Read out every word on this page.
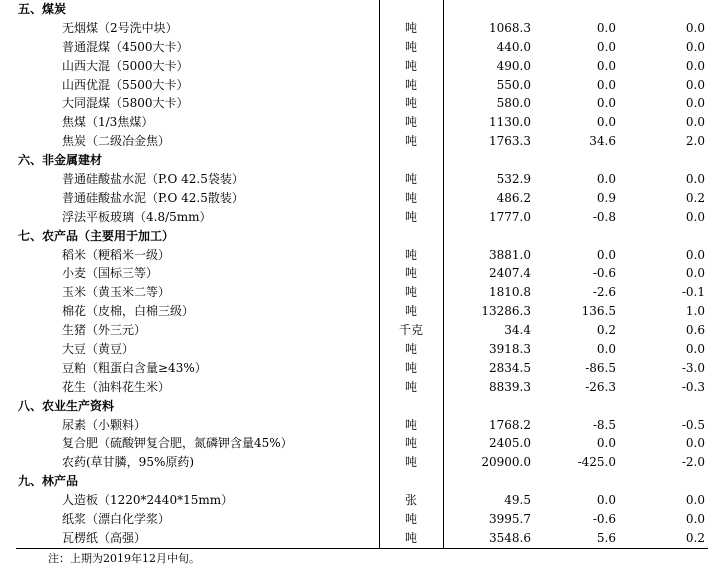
五、煤炭
无烟煤（2号洗中块）	吨	1068.3	0.0	0.0
普通混煤（4500大卡）	吨	440.0	0.0	0.0
山西大混（5000大卡）	吨	490.0	0.0	0.0
山西优混（5500大卡）	吨	550.0	0.0	0.0
大同混煤（5800大卡）	吨	580.0	0.0	0.0
焦煤（1/3焦煤）	吨	1130.0	0.0	0.0
焦炭（二级冶金焦）	吨	1763.3	34.6	2.0
六、非金属建材
普通硅酸盐水泥（P.O 42.5袋装）	吨	532.9	0.0	0.0
普通硅酸盐水泥（P.O 42.5散装）	吨	486.2	0.9	0.2
浮法平板玻璃（4.8/5mm）	吨	1777.0	-0.8	0.0
七、农产品（主要用于加工）
稻米（粳稻米一级）	吨	3881.0	0.0	0.0
小麦（国标三等）	吨	2407.4	-0.6	0.0
玉米（黄玉米二等）	吨	1810.8	-2.6	-0.1
棉花（皮棉，白棉三级）	吨	13286.3	136.5	1.0
生猪（外三元）	千克	34.4	0.2	0.6
大豆（黄豆）	吨	3918.3	0.0	0.0
豆粕（粗蛋白含量≥43%）	吨	2834.5	-86.5	-3.0
花生（油料花生米）	吨	8839.3	-26.3	-0.3
八、农业生产资料
尿素（小颗料）	吨	1768.2	-8.5	-0.5
复合肥（硫酸钾复合肥，氮磷钾含量45%）	吨	2405.0	0.0	0.0
农药(草甘膦，95%原药)	吨	20900.0	-425.0	-2.0
九、林产品
人造板（1220*2440*15mm）	张	49.5	0.0	0.0
纸浆（漂白化学浆）	吨	3995.7	-0.6	0.0
瓦楞纸（高强）	吨	3548.6	5.6	0.2
注：上期为2019年12月中旬。
